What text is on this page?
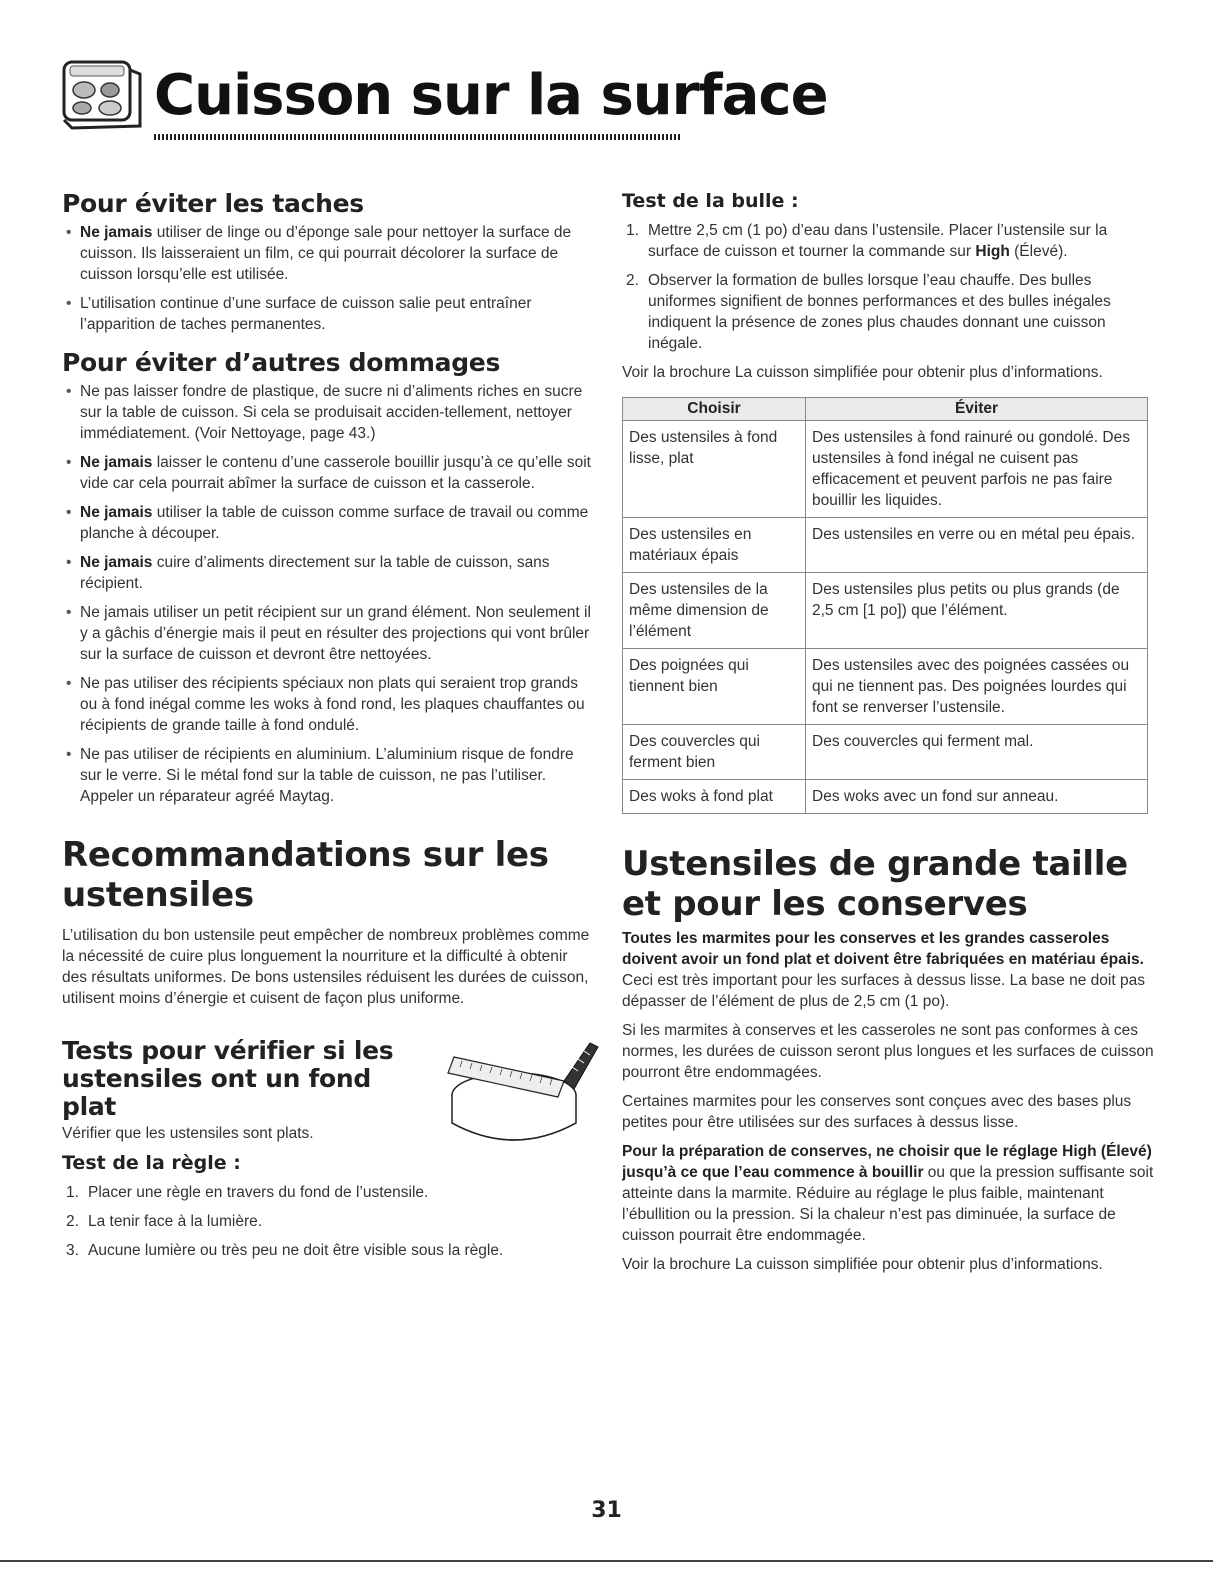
Cuisson sur la surface
Pour éviter les taches
• Ne jamais utiliser de linge ou d’éponge sale pour nettoyer la surface de cuisson. Ils laisseraient un film, ce qui pourrait décolorer la surface de cuisson lorsqu’elle est utilisée.
• L’utilisation continue d’une surface de cuisson salie peut entraîner l’apparition de taches permanentes.
Pour éviter d’autres dommages
• Ne pas laisser fondre de plastique, de sucre ni d’aliments riches en sucre sur la table de cuisson. Si cela se produisait acciden-tellement, nettoyer immédiatement. (Voir Nettoyage, page 43.)
• Ne jamais laisser le contenu d’une casserole bouillir jusqu’à ce qu’elle soit vide car cela pourrait abîmer la surface de cuisson et la casserole.
• Ne jamais utiliser la table de cuisson comme surface de travail ou comme planche à découper.
• Ne jamais cuire d’aliments directement sur la table de cuisson, sans récipient.
• Ne jamais utiliser un petit récipient sur un grand élément. Non seulement il y a gâchis d’énergie mais il peut en résulter des projections qui vont brûler sur la surface de cuisson et devront être nettoyées.
• Ne pas utiliser des récipients spéciaux non plats qui seraient trop grands ou à fond inégal comme les woks à fond rond, les plaques chauffantes ou récipients de grande taille à fond ondulé.
• Ne pas utiliser de récipients en aluminium. L’aluminium risque de fondre sur le verre. Si le métal fond sur la table de cuisson, ne pas l’utiliser. Appeler un réparateur agréé Maytag.
Recommandations sur les ustensiles

L’utilisation du bon ustensile peut empêcher de nombreux problèmes comme la nécessité de cuire plus longuement la nourriture et la difficulté à obtenir des résultats uniformes. De bons ustensiles réduisent les durées de cuisson, utilisent moins d’énergie et cuisent de façon plus uniforme.

Tests pour vérifier si les ustensiles ont un fond plat

Vérifier que les ustensiles sont plats.

Test de la règle :
1. Placer une règle en travers du fond de l’ustensile.
2. La tenir face à la lumière.
3. Aucune lumière ou très peu ne doit être visible sous la règle.
Test de la bulle :
1. Mettre 2,5 cm (1 po) d’eau dans l’ustensile. Placer l’ustensile sur la surface de cuisson et tourner la commande sur High (Élevé).
2. Observer la formation de bulles lorsque l’eau chauffe. Des bulles uniformes signifient de bonnes performances et des bulles inégales indiquent la présence de zones plus chaudes donnant une cuisson inégale.

Voir la brochure La cuisson simplifiée pour obtenir plus d’informations.

Choisir	Éviter
Des ustensiles à fond lisse, plat	Des ustensiles à fond rainuré ou gondolé. Des ustensiles à fond inégal ne cuisent pas efficacement et peuvent parfois ne pas faire bouillir les liquides.
Des ustensiles en matériaux épais	Des ustensiles en verre ou en métal peu épais.
Des ustensiles de la même dimension de l’élément	Des ustensiles plus petits ou plus grands (de 2,5 cm [1 po]) que l’élément.
Des poignées qui tiennent bien	Des ustensiles avec des poignées cassées ou qui ne tiennent pas. Des poignées lourdes qui font se renverser l’ustensile.
Des couvercles qui ferment bien	Des couvercles qui ferment mal.
Des woks à fond plat	Des woks avec un fond sur anneau.
Ustensiles de grande taille et pour les conserves

Toutes les marmites pour les conserves et les grandes casseroles doivent avoir un fond plat et doivent être fabriquées en matériau épais. Ceci est très important pour les surfaces à dessus lisse. La base ne doit pas dépasser de l’élément de plus de 2,5 cm (1 po).

Si les marmites à conserves et les casseroles ne sont pas conformes à ces normes, les durées de cuisson seront plus longues et les surfaces de cuisson pourront être endommagées.

Certaines marmites pour les conserves sont conçues avec des bases plus petites pour être utilisées sur des surfaces à dessus lisse.

Pour la préparation de conserves, ne choisir que le réglage High (Élevé) jusqu’à ce que l’eau commence à bouillir ou que la pression suffisante soit atteinte dans la marmite. Réduire au réglage le plus faible, maintenant l’ébullition ou la pression. Si la chaleur n’est pas diminuée, la surface de cuisson pourrait être endommagée.

Voir la brochure La cuisson simplifiée pour obtenir plus d’informations.

31
